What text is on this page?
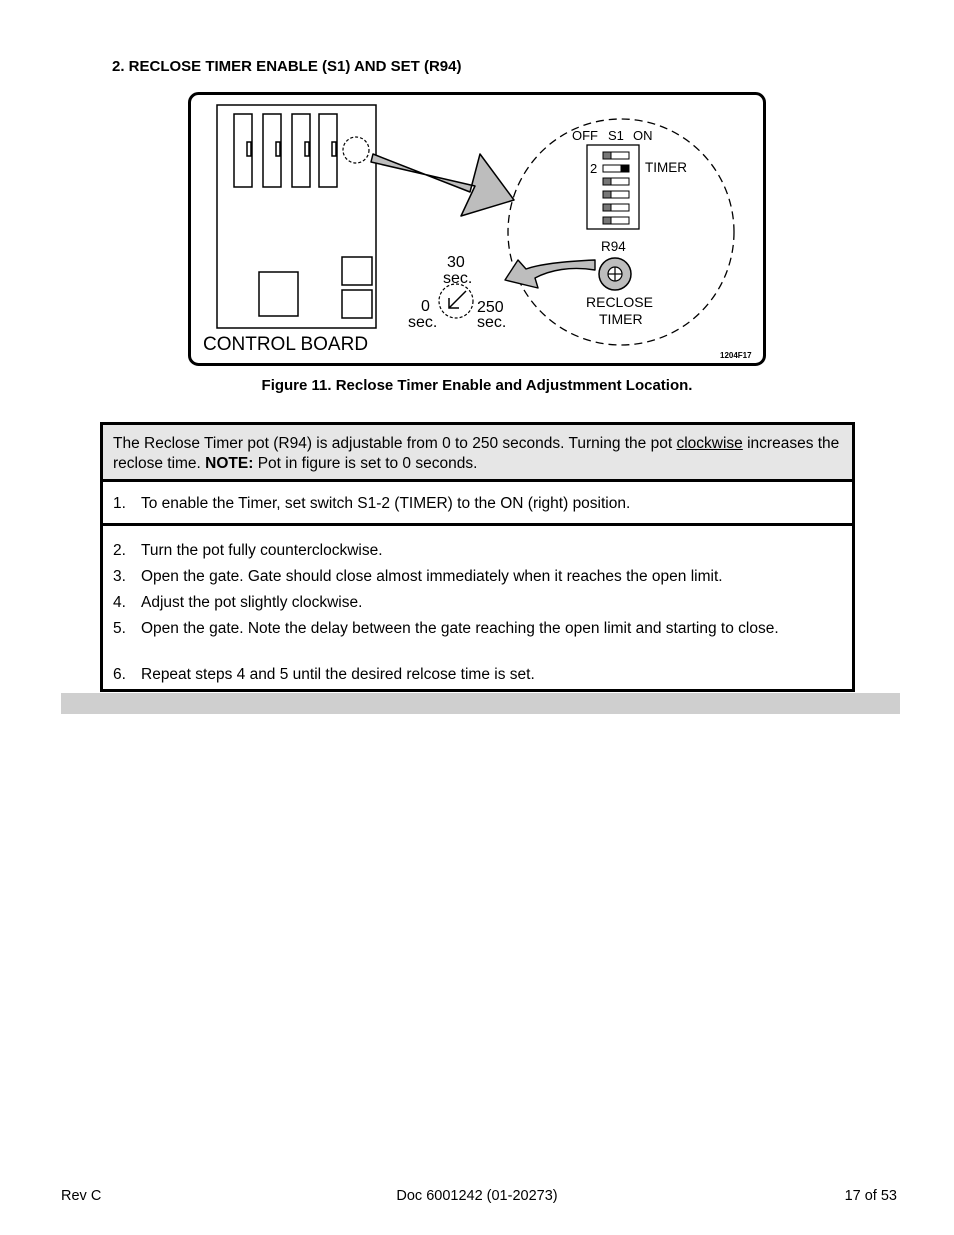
2. RECLOSE TIMER ENABLE (S1) AND SET (R94)
OFF S1 ON
2	TIMER
R94
RECLOSE
TIMER
30
sec.
0
sec.
250
sec.
CONTROL BOARD
1204F17
Figure 11. Reclose Timer Enable and Adjustmment Location.
The Reclose Timer pot (R94) is adjustable from 0 to 250 seconds. Turning the pot clockwise increases the reclose time. NOTE: Pot in figure is set to 0 seconds.
1. To enable the Timer, set switch S1-2 (TIMER) to the ON (right) position.
2. Turn the pot fully counterclockwise.
3. Open the gate. Gate should close almost immediately when it reaches the open limit.
4. Adjust the pot slightly clockwise.
5. Open the gate. Note the delay between the gate reaching the open limit and starting to close.
6. Repeat steps 4 and 5 until the desired relcose time is set.
Rev C	Doc 6001242 (01-20273)	17 of 53
